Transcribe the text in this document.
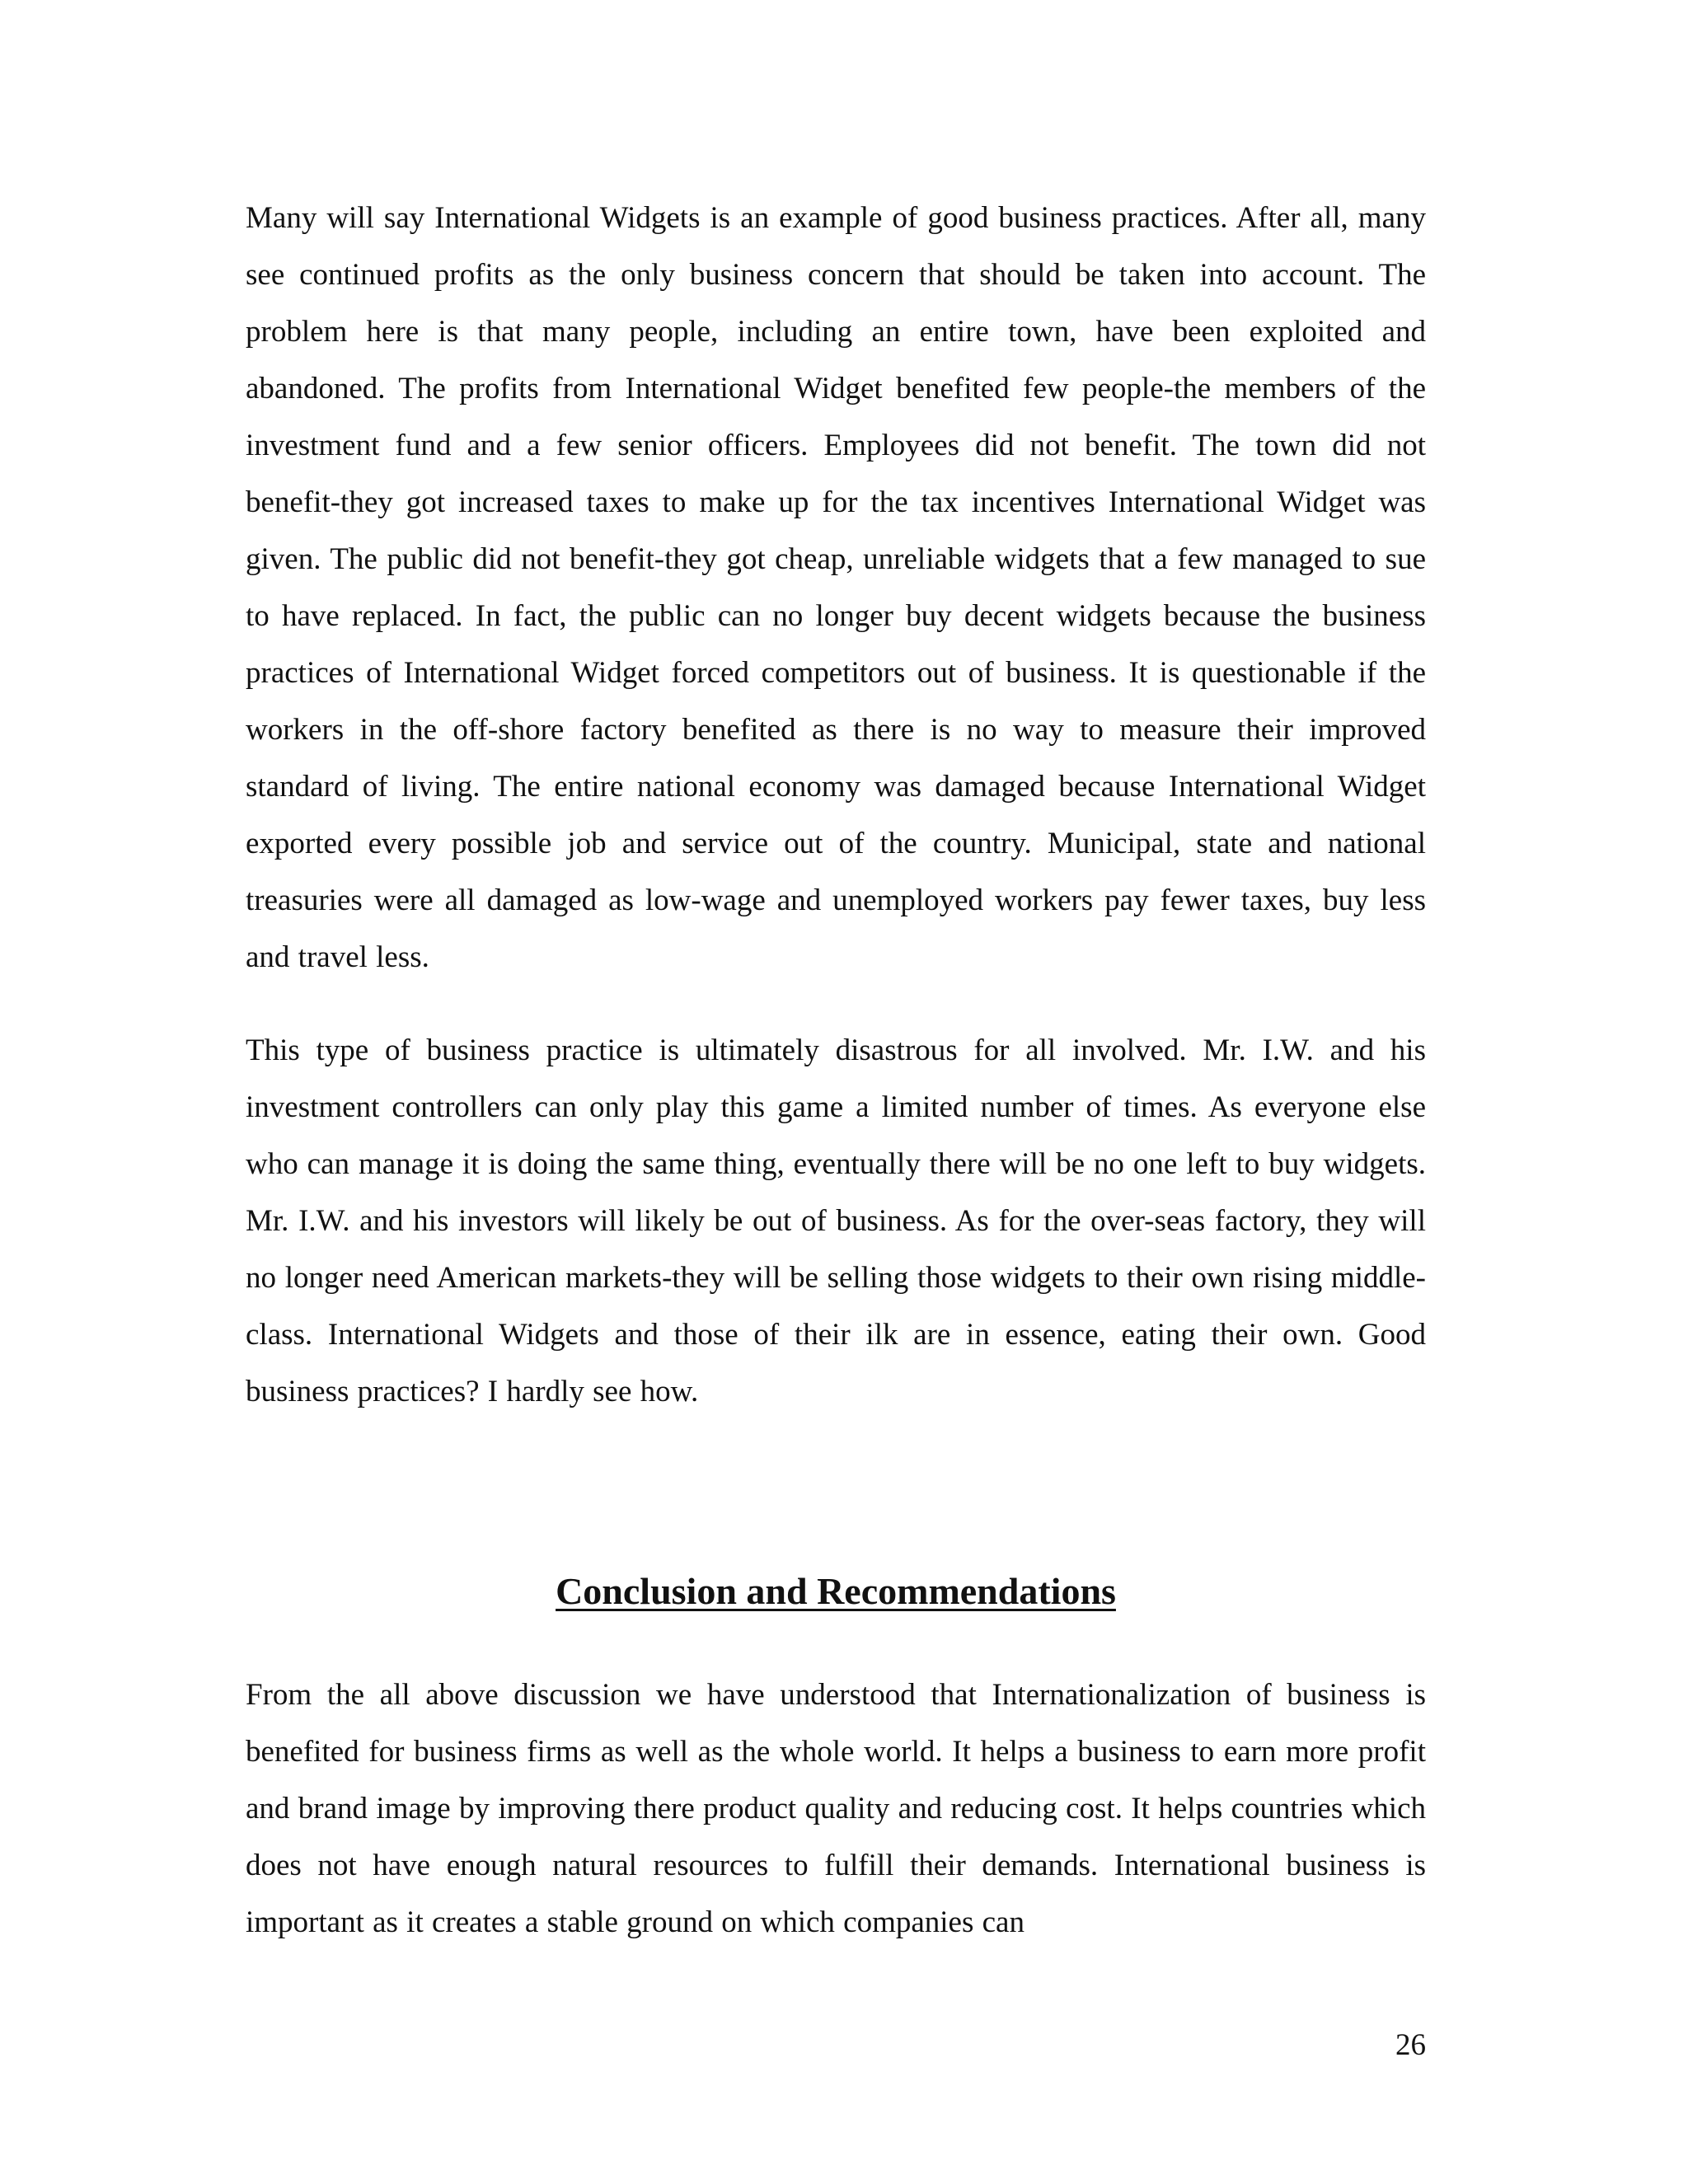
Many will say International Widgets is an example of good business practices. After all, many see continued profits as the only business concern that should be taken into account. The problem here is that many people, including an entire town, have been exploited and abandoned. The profits from International Widget benefited few people-the members of the investment fund and a few senior officers. Employees did not benefit. The town did not benefit-they got increased taxes to make up for the tax incentives International Widget was given. The public did not benefit-they got cheap, unreliable widgets that a few managed to sue to have replaced. In fact, the public can no longer buy decent widgets because the business practices of International Widget forced competitors out of business. It is questionable if the workers in the off-shore factory benefited as there is no way to measure their improved standard of living. The entire national economy was damaged because International Widget exported every possible job and service out of the country. Municipal, state and national treasuries were all damaged as low-wage and unemployed workers pay fewer taxes, buy less and travel less.

This type of business practice is ultimately disastrous for all involved. Mr. I.W. and his investment controllers can only play this game a limited number of times. As everyone else who can manage it is doing the same thing, eventually there will be no one left to buy widgets. Mr. I.W. and his investors will likely be out of business. As for the over-seas factory, they will no longer need American markets-they will be selling those widgets to their own rising middle-class. International Widgets and those of their ilk are in essence, eating their own. Good business practices? I hardly see how.

Conclusion and Recommendations

From the all above discussion we have understood that Internationalization of business is benefited for business firms as well as the whole world. It helps a business to earn more profit and brand image by improving there product quality and reducing cost. It helps countries which does not have enough natural resources to fulfill their demands. International business is important as it creates a stable ground on which companies can

26
